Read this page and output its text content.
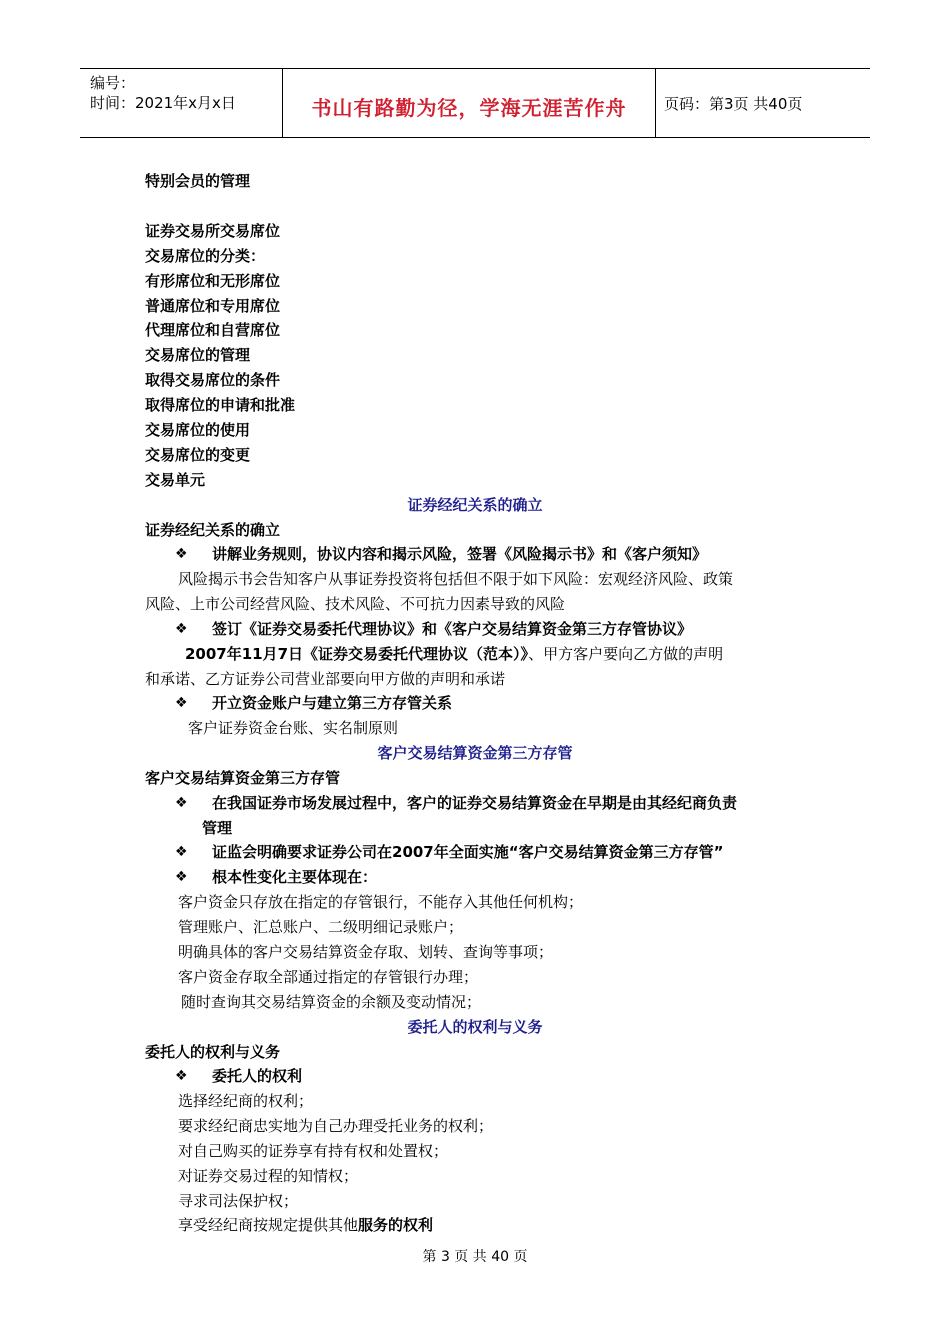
编号：
时间：2021年x月x日	书山有路勤为径，学海无涯苦作舟	页码：第3页 共40页
特别会员的管理
证券交易所交易席位
交易席位的分类：
有形席位和无形席位
普通席位和专用席位
代理席位和自营席位
交易席位的管理
取得交易席位的条件
取得席位的申请和批准
交易席位的使用
交易席位的变更
交易单元
证券经纪关系的确立
证券经纪关系的确立
❖ 讲解业务规则，协议内容和揭示风险，签署《风险揭示书》和《客户须知》
风险揭示书会告知客户从事证券投资将包括但不限于如下风险：宏观经济风险、政策
风险、上市公司经营风险、技术风险、不可抗力因素导致的风险
❖ 签订《证券交易委托代理协议》和《客户交易结算资金第三方存管协议》
2007年11月7日《证券交易委托代理协议（范本）》、甲方客户要向乙方做的声明
和承诺、乙方证券公司营业部要向甲方做的声明和承诺
❖ 开立资金账户与建立第三方存管关系
客户证券资金台账、实名制原则
客户交易结算资金第三方存管
客户交易结算资金第三方存管
❖ 在我国证券市场发展过程中，客户的证券交易结算资金在早期是由其经纪商负责
管理
❖ 证监会明确要求证券公司在2007年全面实施“客户交易结算资金第三方存管”
❖ 根本性变化主要体现在：
客户资金只存放在指定的存管银行，不能存入其他任何机构；
管理账户、汇总账户、二级明细记录账户；
明确具体的客户交易结算资金存取、划转、查询等事项；
客户资金存取全部通过指定的存管银行办理；
随时查询其交易结算资金的余额及变动情况；
委托人的权利与义务
委托人的权利与义务
❖ 委托人的权利
选择经纪商的权利；
要求经纪商忠实地为自己办理受托业务的权利；
对自己购买的证券享有持有权和处置权；
对证券交易过程的知情权；
寻求司法保护权；
享受经纪商按规定提供其他服务的权利
第 3 页 共 40 页
